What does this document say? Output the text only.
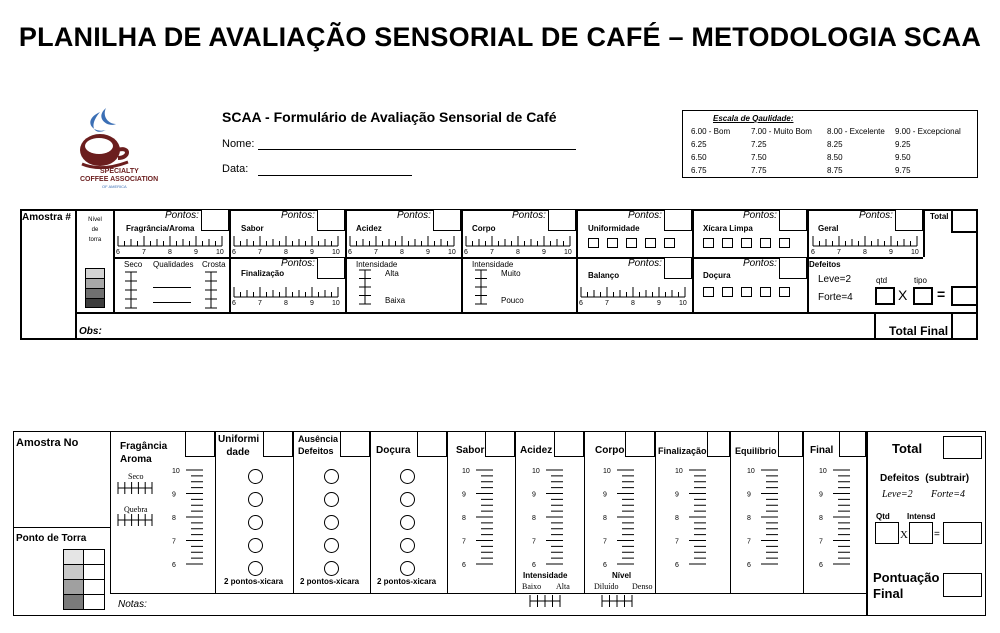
PLANILHA DE AVALIAÇÃO SENSORIAL DE CAFÉ – METODOLOGIA SCAA
SPECIALTY
COFFEE ASSOCIATION
OF AMERICA
SCAA - Formulário de Avaliação Sensorial de Café
Nome:
Data:
Escala de Qaulidade:
6.00 - Bom	7.00 - Muito Bom 8.00 - Excelente 9.00 - Excepcional
6.25	7.25	8.25	9.25
6.50	7.50	8.50	9.50
6.75	7.75	8.75	9.75
Amostra #	Nível
de
torra
Pontos:	Pontos:	Pontos:	Pontos:	Pontos:	Pontos:	Pontos:
Pontos:	Pontos:	Pontos:
Fragrância/Aroma	Sabor	Acidez	Corpo	Uniformidade	Xícara Limpa	Geral
Finalização	Balanço	Doçura
Defeitos
Total
6	7	8	9	10 6	7	8	9	10 6	7	8	9	10 6	7	8	9	10	6	7	8	9	10
6	7	8	9	10	6	7	8	9	10
Seco Qualidades Crosta	Intensidade
Alta
Baixa
Intensidade
Muito
Pouco
Leve=2
Forte=4
qtd	tipo
X =
Obs:	Total Final
Amostra No
Ponto de Torra
Fragância
Aroma
Uniformi
dade
Ausência
Defeitos	Doçura	Sabor	Acidez	Corpo	Finalização	Equilíbrio	Final
Seco
Quebra
2 pontos-xicara 2 pontos-xicara 2 pontos-xicara
10
9
8
7
6
10
9
8
7
6
10
9
8
7
6
10
9
8
7
6
10
9
8
7
6
10
9
8
7
6
10
9
8
7
6
Intensidade
Baixo Alta
Nível
Diluído Denso
Notas:
Total
Defeitos (subtrair)
Leve=2 Forte=4
Qtd Intensd
X	=
Pontuação
Final
